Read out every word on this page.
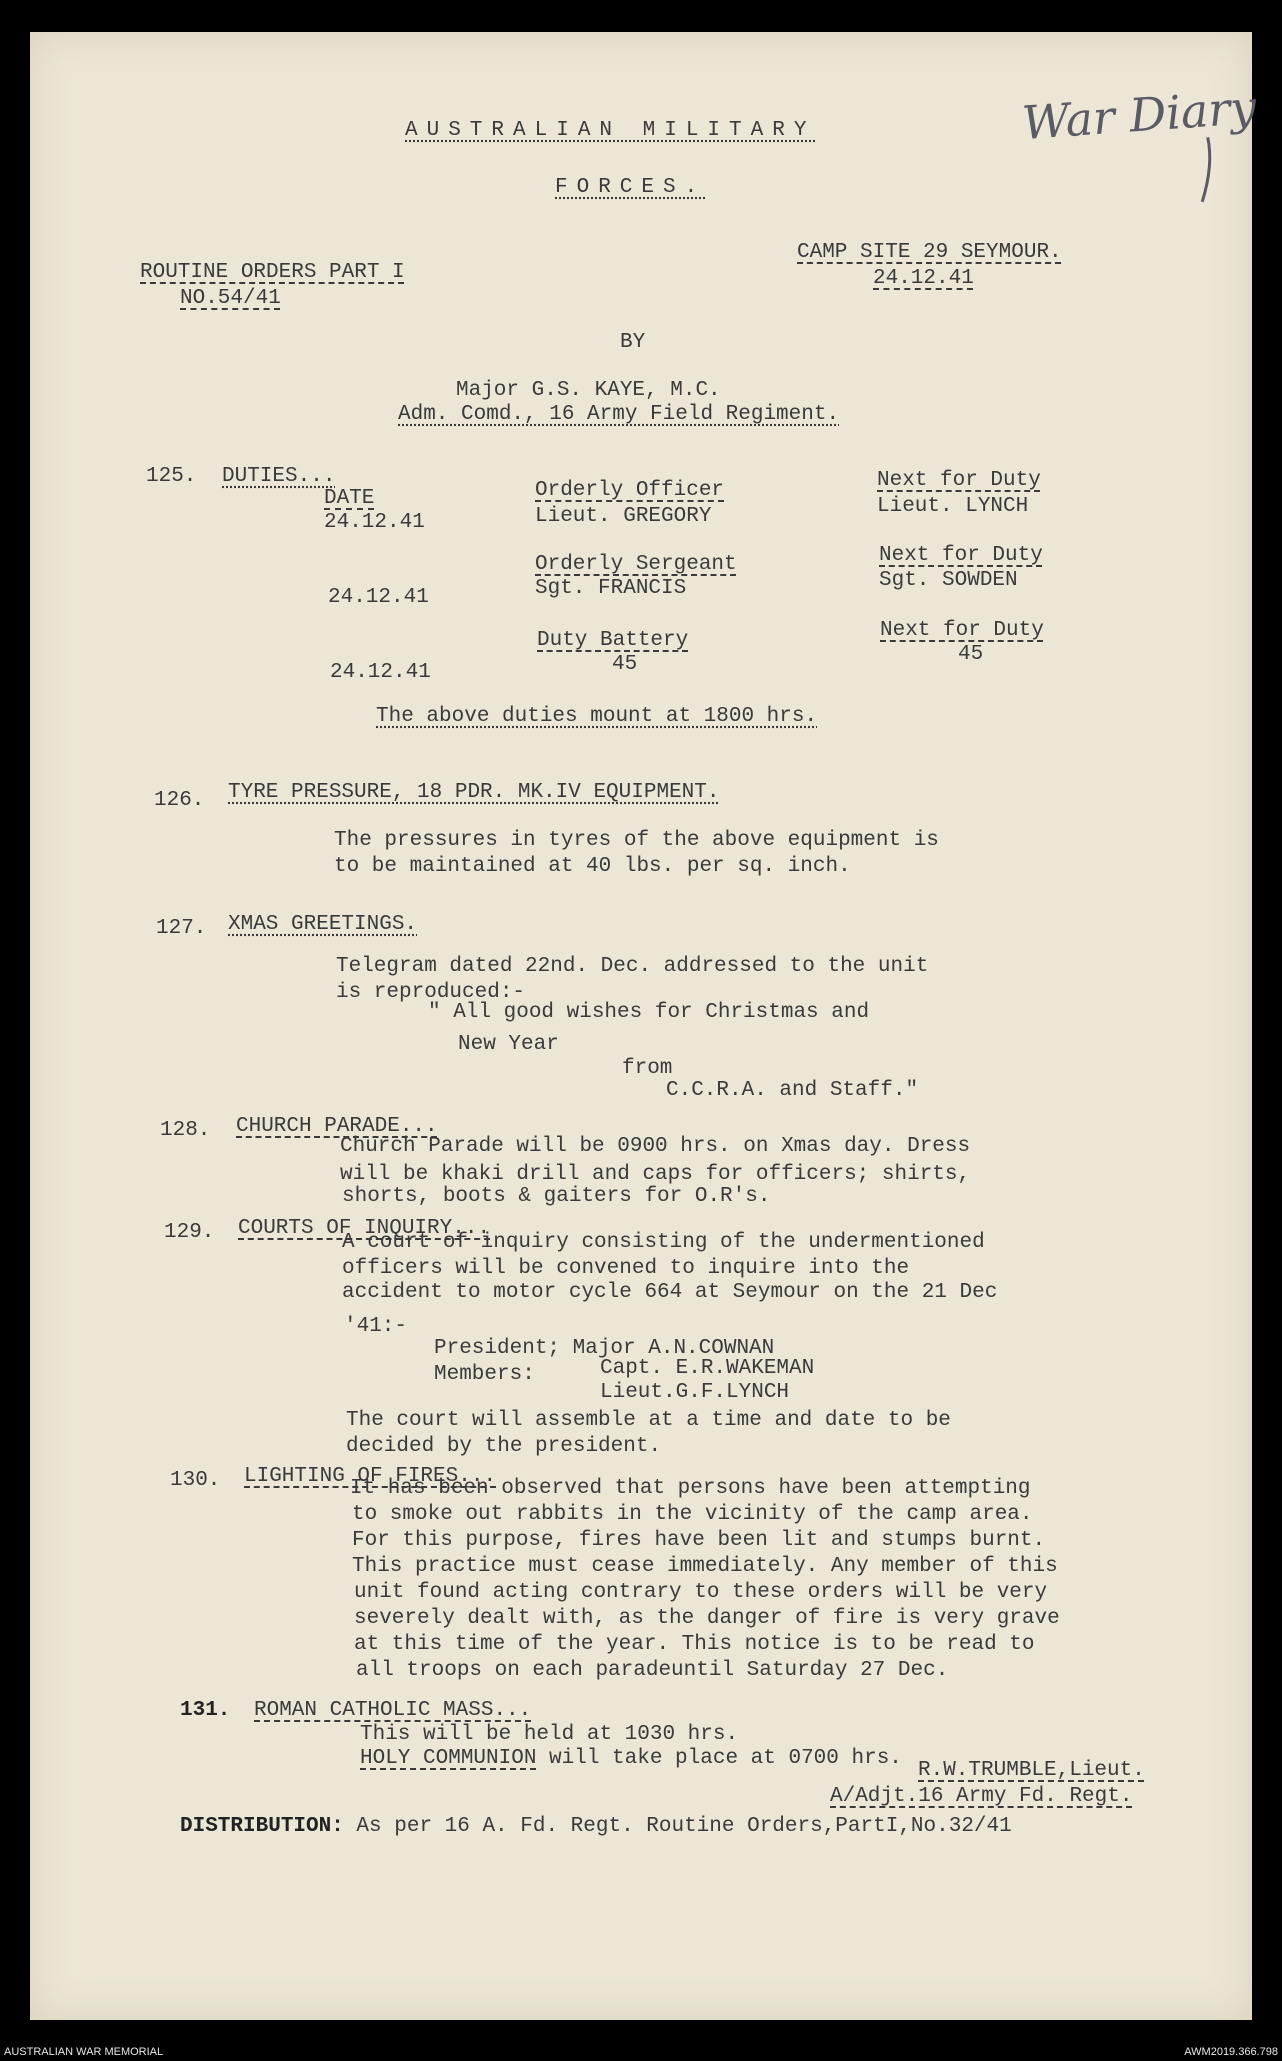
War Diary
AUSTRALIAN MILITARY
FORCES.
ROUTINE ORDERS PART I
NO.54/41
CAMP SITE 29 SEYMOUR.
24.12.41
BY
Major G.S. KAYE, M.C.
Adm. Comd., 16 Army Field Regiment.
125. DUTIES...
DATE
24.12.41
Orderly Officer
Lieut. GREGORY
Next for Duty
Lieut. LYNCH
24.12.41
Orderly Sergeant
Sgt. FRANCIS
Next for Duty
Sgt. SOWDEN
24.12.41
Duty Battery
45
Next for Duty
45
The above duties mount at 1800 hrs.
126. TYRE PRESSURE, 18 PDR. MK.IV EQUIPMENT.
The pressures in tyres of the above equipment is
to be maintained at 40 lbs. per sq. inch.
127. XMAS GREETINGS.
Telegram dated 22nd. Dec. addressed to the unit
is reproduced:-
" All good wishes for Christmas and
New Year
from
C.C.R.A. and Staff."
128. CHURCH PARADE...
Church Parade will be 0900 hrs. on Xmas day. Dress
will be khaki drill and caps for officers; shirts,
shorts, boots & gaiters for O.R's.
129. COURTS OF INQUIRY...
A court of inquiry consisting of the undermentioned
officers will be convened to inquire into the
accident to motor cycle 664 at Seymour on the 21 Dec
'41:-
President; Major A.N.COWNAN
Members:	Capt. E.R.WAKEMAN
Lieut.G.F.LYNCH
The court will assemble at a time and date to be
decided by the president.
130. LIGHTING OF FIRES...
It has been observed that persons have been attempting
to smoke out rabbits in the vicinity of the camp area.
For this purpose, fires have been lit and stumps burnt.
This practice must cease immediately. Any member of this
unit found acting contrary to these orders will be very
severely dealt with, as the danger of fire is very grave
at this time of the year. This notice is to be read to
all troops on each paradeuntil Saturday 27 Dec.
131. ROMAN CATHOLIC MASS...
This will be held at 1030 hrs.
HOLY COMMUNION will take place at 0700 hrs.
R.W.TRUMBLE,Lieut.
A/Adjt.16 Army Fd. Regt.
DISTRIBUTION: As per 16 A. Fd. Regt. Routine Orders,PartI,No.32/41
AUSTRALIAN WAR MEMORIAL	AWM2019.366.798
